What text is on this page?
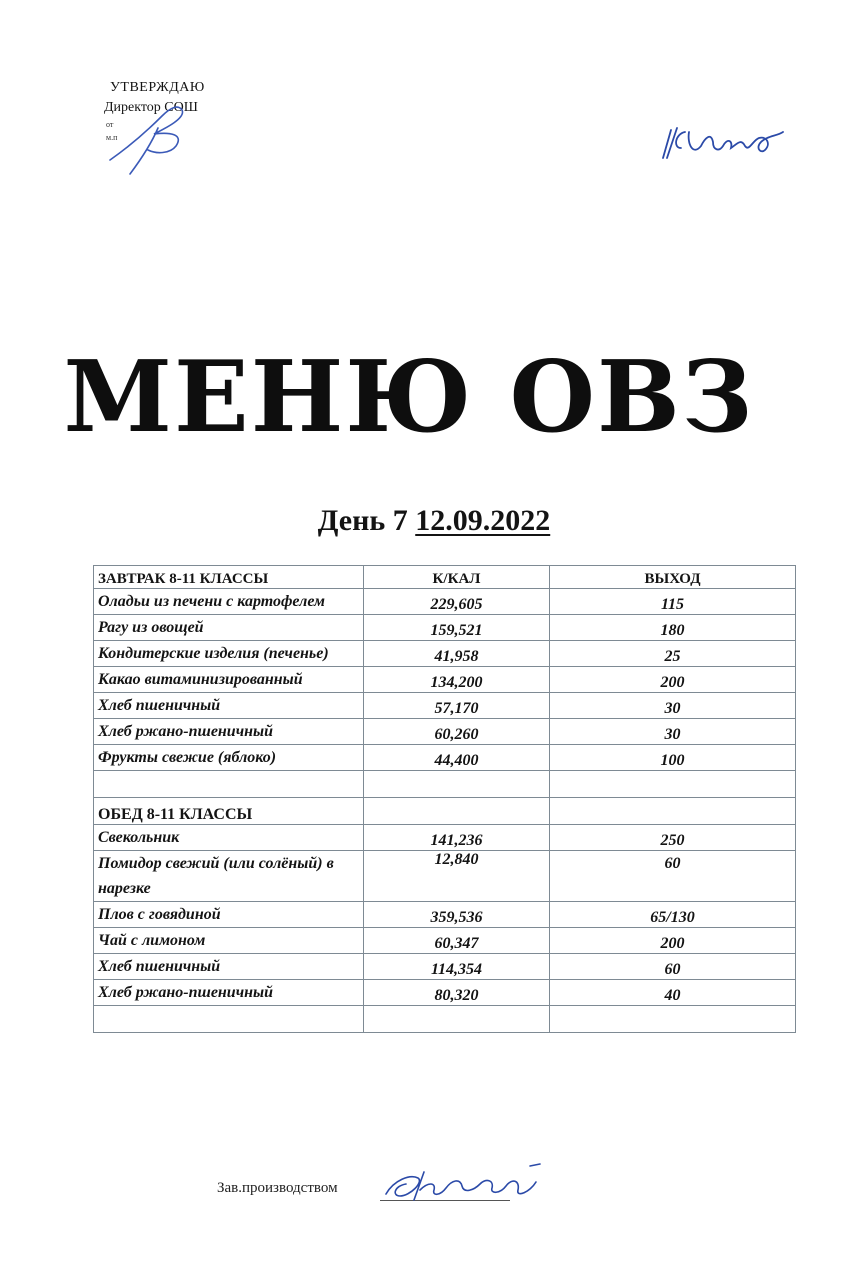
УТВЕРЖДАЮ
Директор СОШ
от
м.п
МЕНЮ ОВЗ
День 7 12.09.2022
ЗАВТРАК 8-11 КЛАССЫ	К/КАЛ	ВЫХОД
Оладьи из печени с картофелем	229,605	115
Рагу из овощей	159,521	180
Кондитерские изделия (печенье)	41,958	25
Какао витаминизированный	134,200	200
Хлеб пшеничный	57,170	30
Хлеб ржано-пшеничный	60,260	30
Фрукты свежие (яблоко)	44,400	100

ОБЕД 8-11 КЛАССЫ		
Свекольник	141,236	250
Помидор свежий (или солёный) в нарезке	12,840	60
Плов с говядиной	359,536	65/130
Чай с лимоном	60,347	200
Хлеб пшеничный	114,354	60
Хлеб ржано-пшеничный	80,320	40

Зав.производством
